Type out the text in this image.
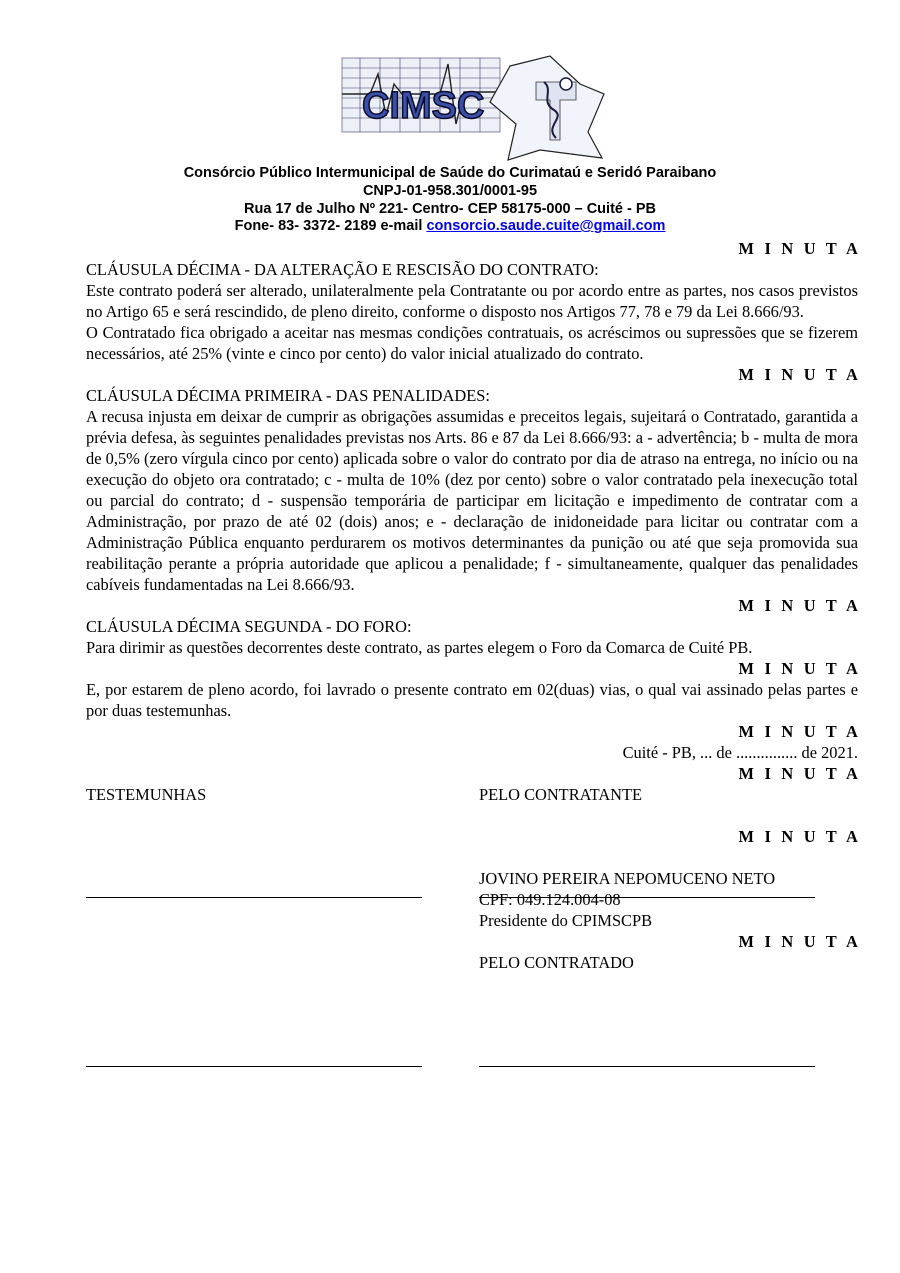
CIMSC
Consórcio Público Intermunicipal de Saúde do Curimataú e Seridó Paraibano
CNPJ-01-958.301/0001-95
Rua 17 de Julho Nº 221- Centro- CEP 58175-000 – Cuité - PB
Fone- 83- 3372- 2189 e-mail consorcio.saude.cuite@gmail.com
M I N U T A

CLÁUSULA DÉCIMA - DA ALTERAÇÃO E RESCISÃO DO CONTRATO:

Este contrato poderá ser alterado, unilateralmente pela Contratante ou por acordo entre as partes, nos casos previstos no Artigo 65 e será rescindido, de pleno direito, conforme o disposto nos Artigos 77, 78 e 79 da Lei 8.666/93.

O Contratado fica obrigado a aceitar nas mesmas condições contratuais, os acréscimos ou supressões que se fizerem necessários, até 25% (vinte e cinco por cento) do valor inicial atualizado do contrato.

M I N U T A

CLÁUSULA DÉCIMA PRIMEIRA - DAS PENALIDADES:

A recusa injusta em deixar de cumprir as obrigações assumidas e preceitos legais, sujeitará o Contratado, garantida a prévia defesa, às seguintes penalidades previstas nos Arts. 86 e 87 da Lei 8.666/93: a - advertência; b - multa de mora de 0,5% (zero vírgula cinco por cento) aplicada sobre o valor do contrato por dia de atraso na entrega, no início ou na execução do objeto ora contratado; c - multa de 10% (dez por cento) sobre o valor contratado pela inexecução total ou parcial do contrato; d - suspensão temporária de participar em licitação e impedimento de contratar com a Administração, por prazo de até 02 (dois) anos; e - declaração de inidoneidade para licitar ou contratar com a Administração Pública enquanto perdurarem os motivos determinantes da punição ou até que seja promovida sua reabilitação perante a própria autoridade que aplicou a penalidade; f - simultaneamente, qualquer das penalidades cabíveis fundamentadas na Lei 8.666/93.

M I N U T A

CLÁUSULA DÉCIMA SEGUNDA - DO FORO:

Para dirimir as questões decorrentes deste contrato, as partes elegem o Foro da Comarca de Cuité PB.

M I N U T A

E, por estarem de pleno acordo, foi lavrado o presente contrato em 02(duas) vias, o qual vai assinado pelas partes e por duas testemunhas.

M I N U T A

Cuité - PB, ... de ............... de 2021.

M I N U T A
TESTEMUNHAS	PELO CONTRATANTE
M I N U T A
JOVINO PEREIRA NEPOMUCENO NETO
CPF: 049.124.004-08
Presidente do CPIMSCPB
M I N U T A
PELO CONTRATADO
